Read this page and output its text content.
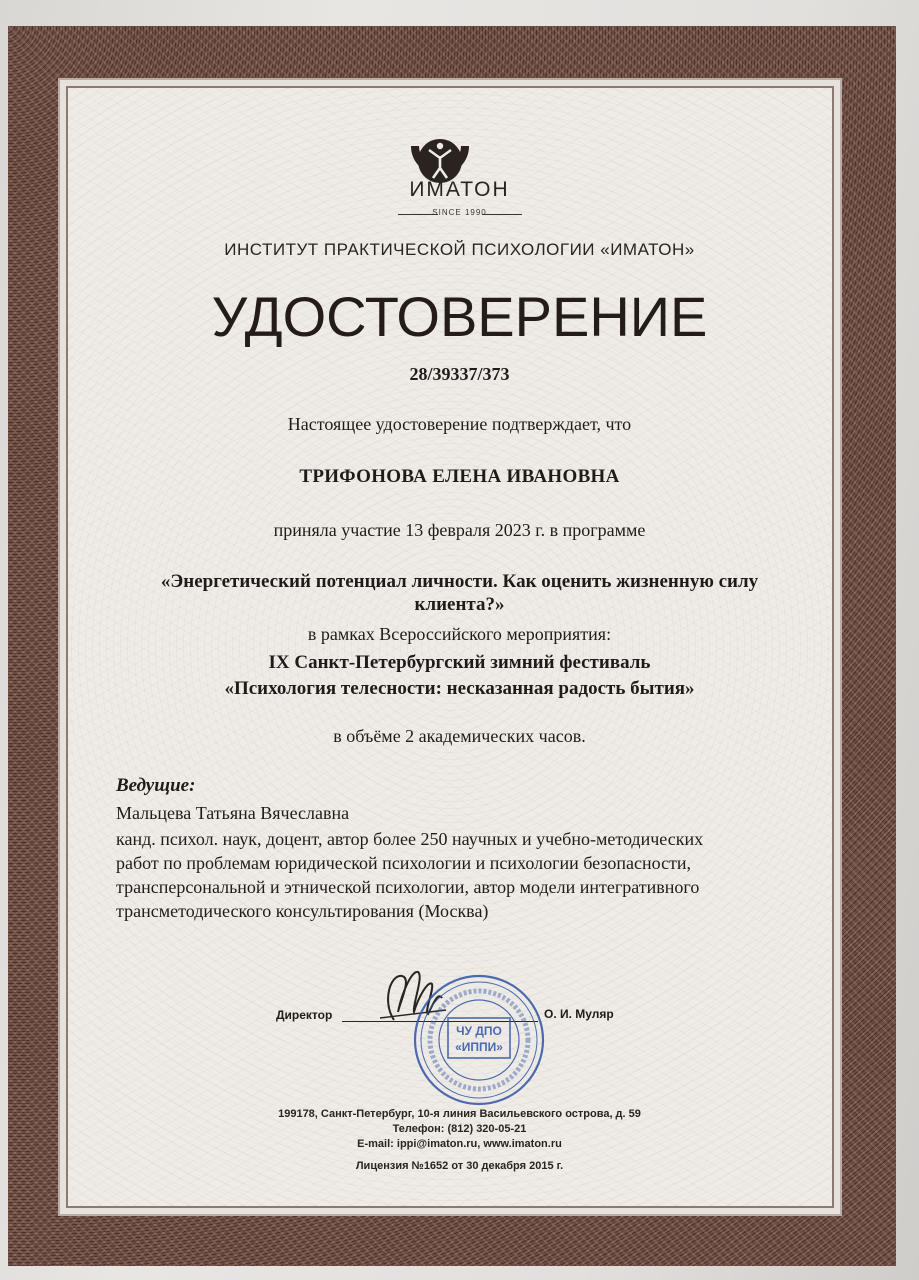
ИМАТОН
SINCE 1990
ИНСТИТУТ ПРАКТИЧЕСКОЙ ПСИХОЛОГИИ «ИМАТОН»
УДОСТОВЕРЕНИЕ
28/39337/373
Настоящее удостоверение подтверждает, что
ТРИФОНОВА ЕЛЕНА ИВАНОВНА
приняла участие 13 февраля 2023 г. в программе
«Энергетический потенциал личности. Как оценить жизненную силу
клиента?»
в рамках Всероссийского мероприятия:
IX Санкт-Петербургский зимний фестиваль
«Психология телесности: несказанная радость бытия»
в объёме 2 академических часов.
Ведущие:
Мальцева Татьяна Вячеславна
канд. психол. наук, доцент, автор более 250 научных и учебно-методических
работ по проблемам юридической психологии и психологии безопасности,
трансперсональной и этнической психологии, автор модели интегративного
трансметодического консультирования (Москва)
Директор	О. И. Муляр
ЧУ ДПО
«ИППИ»
199178, Санкт-Петербург, 10-я линия Васильевского острова, д. 59
Телефон: (812) 320-05-21
E-mail: ippi@imaton.ru, www.imaton.ru
Лицензия №1652 от 30 декабря 2015 г.
